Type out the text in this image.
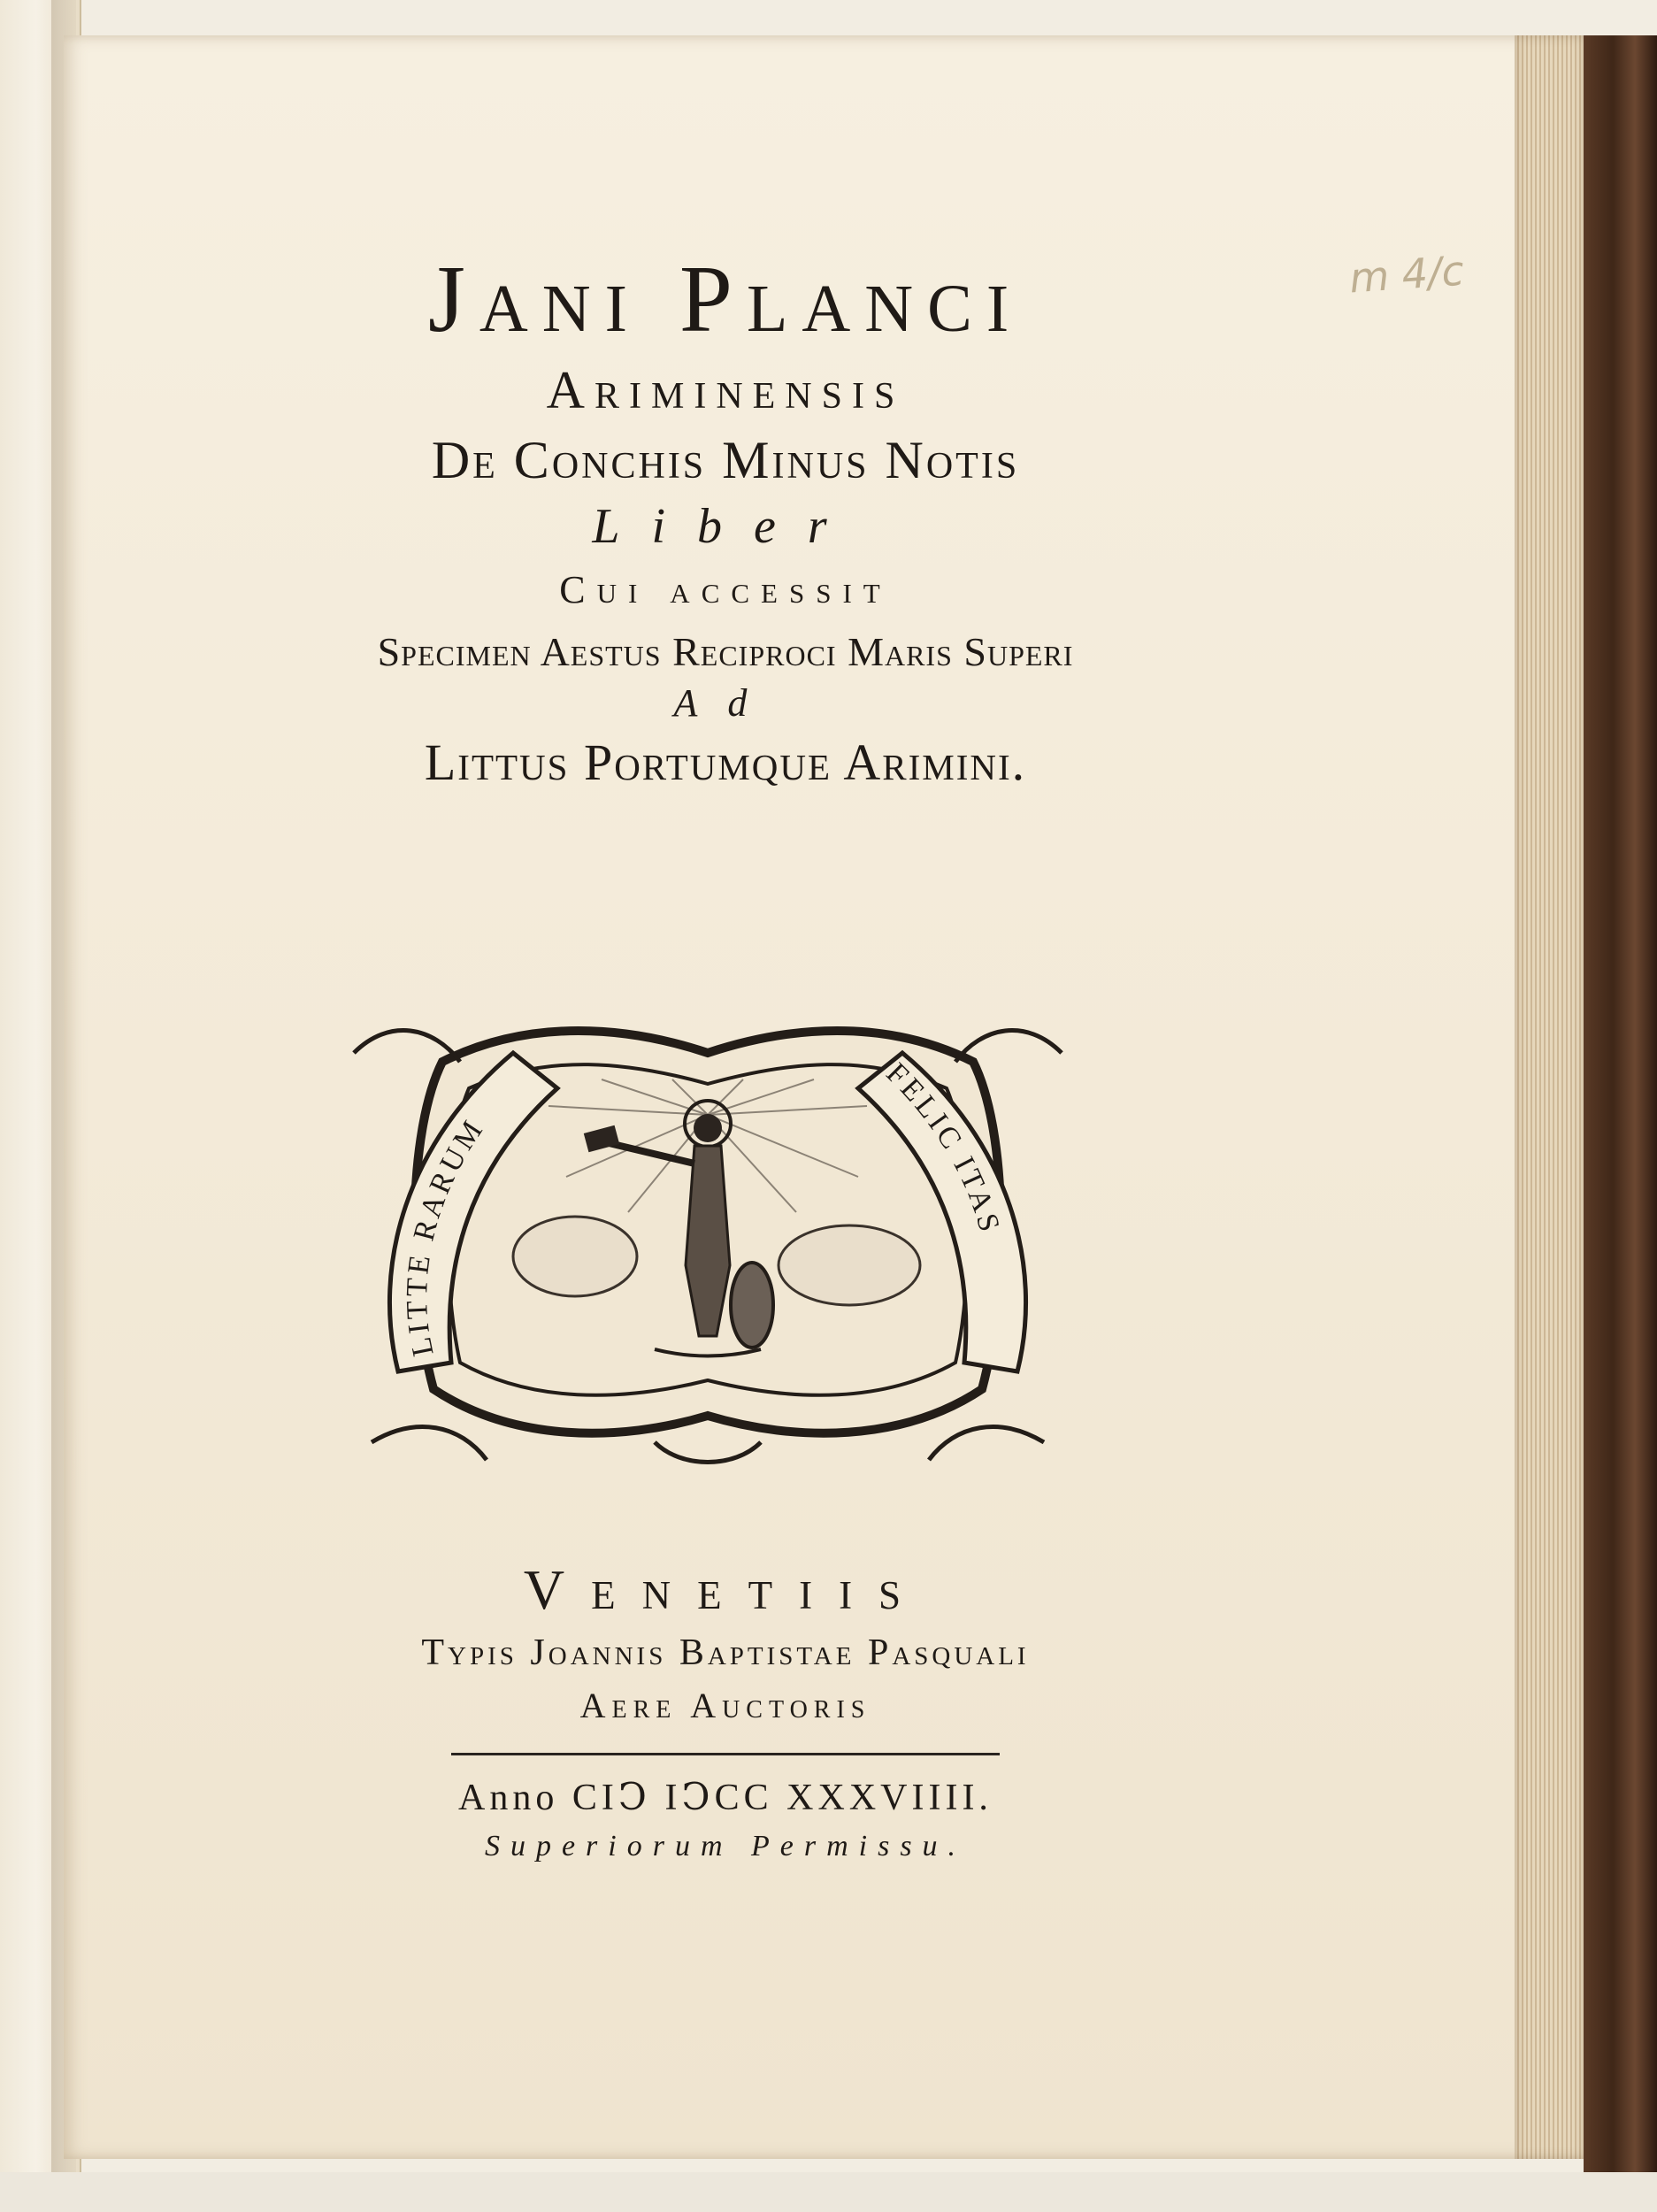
m 4/c
Jani Planci
Ariminensis
De Conchis Minus Notis
Liber
Cui accessit
Specimen Aestus Reciproci Maris Superi
Ad
Littus Portumque Arimini.
LITTE RARUM
FELIC ITAS
Venetiis
Typis Joannis Baptistae Pasquali
Aere Auctoris
Anno CIↃ IↃCC XXXVIIII.
Superiorum Permissu.
